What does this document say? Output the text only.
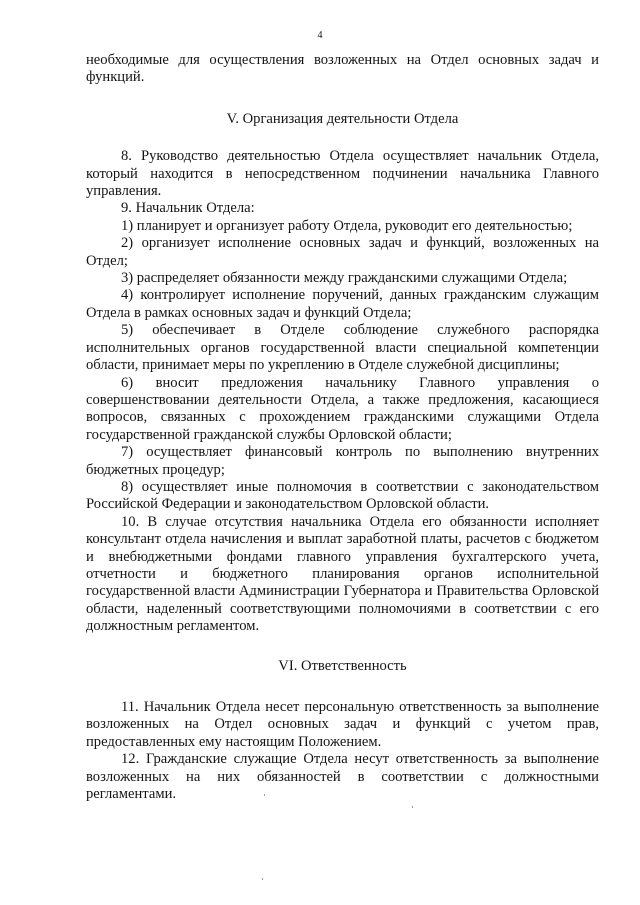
4

необходимые для осуществления возложенных на Отдел основных задач и функций.

V. Организация деятельности Отдела

8. Руководство деятельностью Отдела осуществляет начальник Отдела, который находится в непосредственном подчинении начальника Главного управления.

9. Начальник Отдела:

1) планирует и организует работу Отдела, руководит его деятельностью;

2) организует исполнение основных задач и функций, возложенных на Отдел;

3) распределяет обязанности между гражданскими служащими Отдела;

4) контролирует исполнение поручений, данных гражданским служащим Отдела в рамках основных задач и функций Отдела;

5) обеспечивает в Отделе соблюдение служебного распорядка исполнительных органов государственной власти специальной компетенции области, принимает меры по укреплению в Отделе служебной дисциплины;

6) вносит предложения начальнику Главного управления о совершенствовании деятельности Отдела, а также предложения, касающиеся вопросов, связанных с прохождением гражданскими служащими Отдела государственной гражданской службы Орловской области;

7) осуществляет финансовый контроль по выполнению внутренних бюджетных процедур;

8) осуществляет иные полномочия в соответствии с законодательством Российской Федерации и законодательством Орловской области.

10. В случае отсутствия начальника Отдела его обязанности исполняет консультант отдела начисления и выплат заработной платы, расчетов с бюджетом и внебюджетными фондами главного управления бухгалтерского учета, отчетности и бюджетного планирования органов исполнительной государственной власти Администрации Губернатора и Правительства Орловской области, наделенный соответствующими полномочиями в соответствии с его должностным регламентом.

VI. Ответственность

11. Начальник Отдела несет персональную ответственность за выполнение возложенных на Отдел основных задач и функций с учетом прав, предоставленных ему настоящим Положением.

12. Гражданские служащие Отдела несут ответственность за выполнение возложенных на них обязанностей в соответствии с должностными регламентами.
